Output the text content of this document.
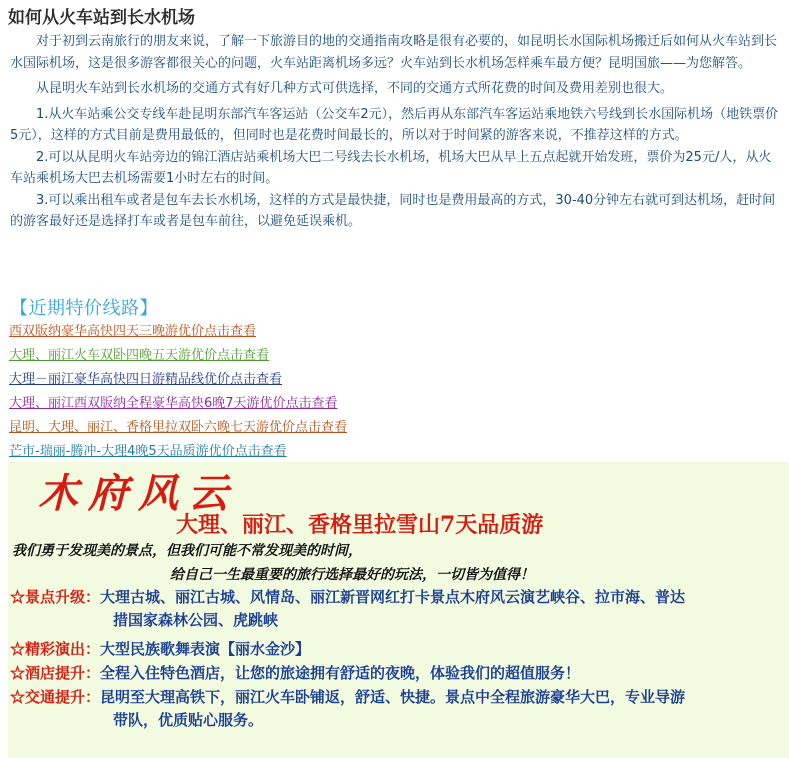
如何从火车站到长水机场

对于初到云南旅行的朋友来说，了解一下旅游目的地的交通指南攻略是很有必要的，如昆明长水国际机场搬迁后如何从火车站到长水国际机场，这是很多游客都很关心的问题，火车站距离机场多远？火车站到长水机场怎样乘车最方便？昆明国旅——为您解答。

从昆明火车站到长水机场的交通方式有好几种方式可供选择，不同的交通方式所花费的时间及费用差别也很大。

1.从火车站乘公交专线车赴昆明东部汽车客运站（公交车2元），然后再从东部汽车客运站乘地铁六号线到长水国际机场（地铁票价5元），这样的方式目前是费用最低的，但同时也是花费时间最长的，所以对于时间紧的游客来说，不推荐这样的方式。

2.可以从昆明火车站旁边的锦江酒店站乘机场大巴二号线去长水机场，机场大巴从早上五点起就开始发班，票价为25元/人，从火车站乘机场大巴去机场需要1小时左右的时间。

3.可以乘出租车或者是包车去长水机场，这样的方式是最快捷，同时也是费用最高的方式，30-40分钟左右就可到达机场，赶时间的游客最好还是选择打车或者是包车前往，以避免延误乘机。

【近期特价线路】
西双版纳豪华高快四天三晚游优价点击查看
大理、丽江火车双卧四晚五天游优价点击查看
大理－丽江豪华高快四日游精品线优价点击查看
大理、丽江西双版纳全程豪华高快6晚7天游优价点击查看
昆明、大理、丽江、香格里拉双卧六晚七天游优价点击查看
芒市-瑞丽-腾冲-大理4晚5天品质游优价点击查看
木府风云
大理、丽江、香格里拉雪山7天品质游
我们勇于发现美的景点，但我们可能不常发现美的时间，
给自己一生最重要的旅行选择最好的玩法，一切皆为值得！
☆景点升级：大理古城、丽江古城、风情岛、丽江新晋网红打卡景点木府风云演艺峡谷、拉市海、普达
措国家森林公园、虎跳峡
☆精彩演出：大型民族歌舞表演【丽水金沙】
☆酒店提升：全程入住特色酒店，让您的旅途拥有舒适的夜晚，体验我们的超值服务！
☆交通提升：昆明至大理高铁下，丽江火车卧铺返，舒适、快捷。景点中全程旅游豪华大巴，专业导游
带队，优质贴心服务。
